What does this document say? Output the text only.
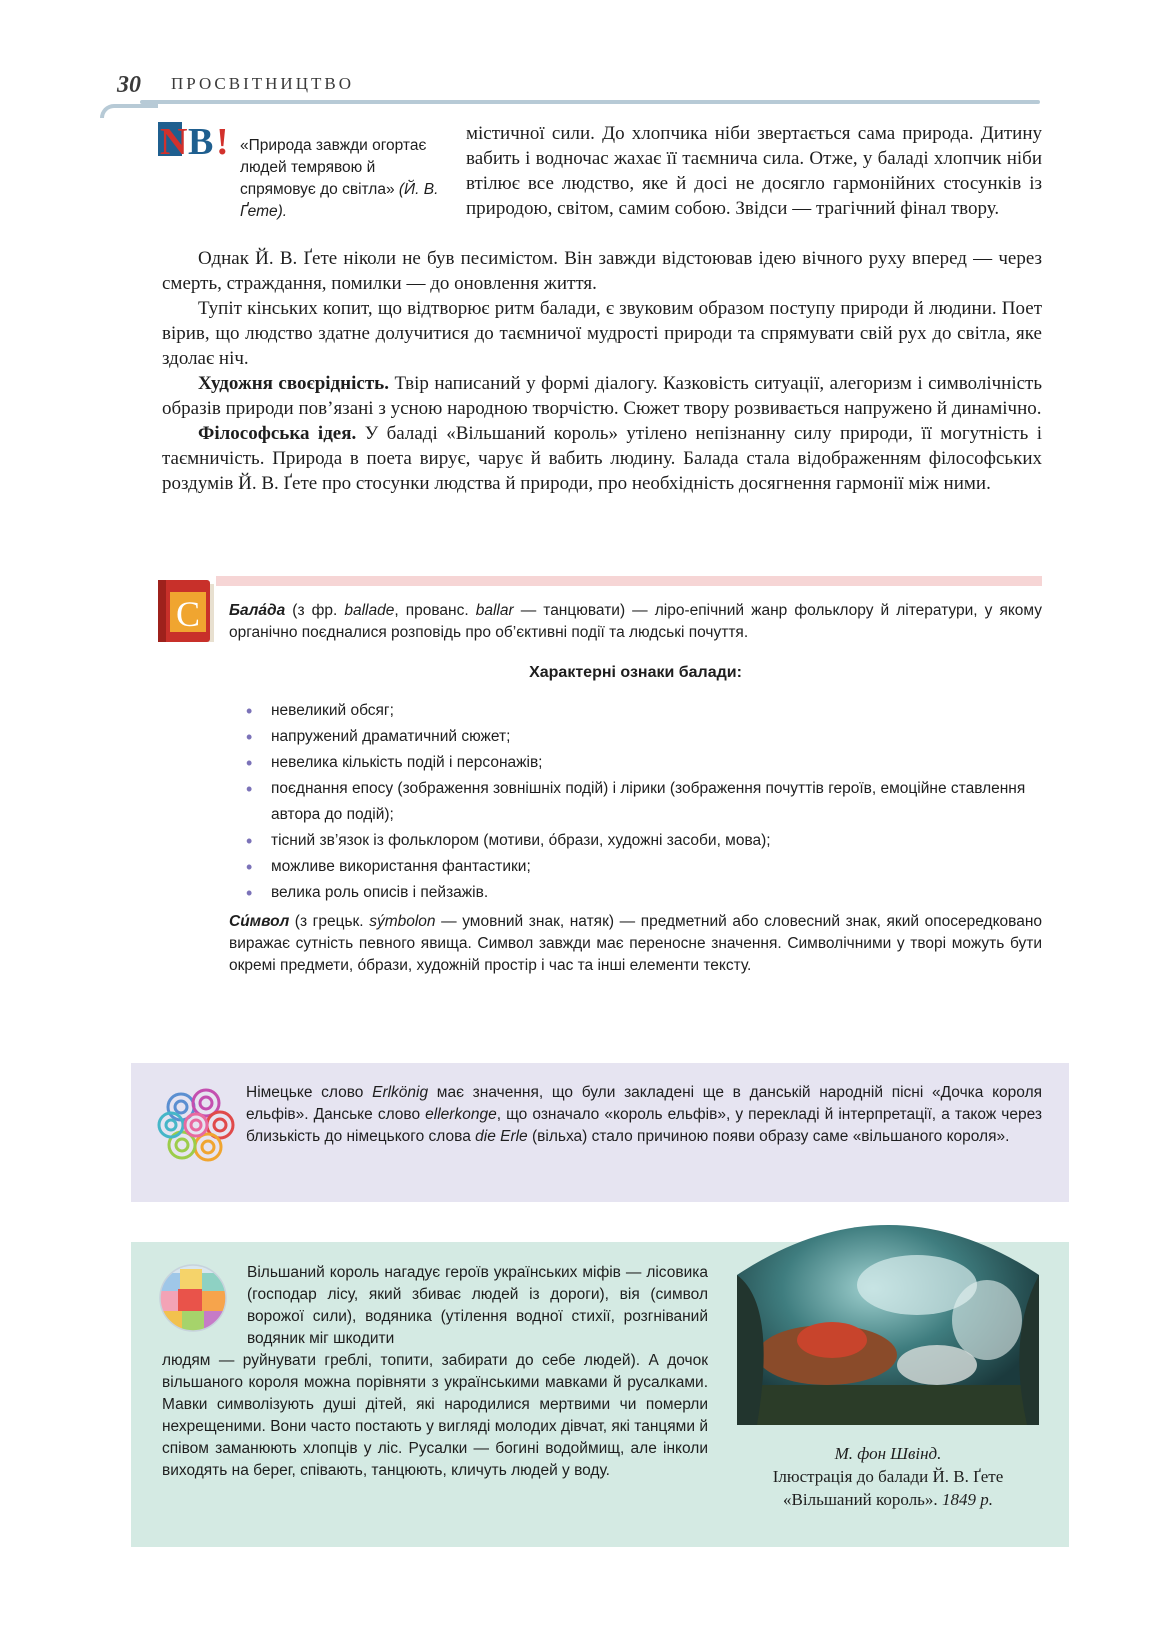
30 ПРОСВІТНИЦТВО
N B ! «Природа завжди огортає людей темрявою й спрямовує до світла» (Й. В. Ґете).

містичної сили. До хлопчика ніби звертається сама природа. Дитину вабить і водночас жахає її таємнича сила. Отже, у баладі хлопчик ніби втілює все людство, яке й досі не досягло гармонійних стосунків із природою, світом, самим собою. Звідси — трагічний фінал твору.

Однак Й. В. Ґете ніколи не був песимістом. Він завжди відстоював ідею вічного руху вперед — через смерть, страждання, помилки — до оновлення життя.

Тупіт кінських копит, що відтворює ритм балади, є звуковим образом поступу природи й людини. Поет вірив, що людство здатне долучитися до таємничої мудрості природи та спрямувати свій рух до світла, яке здолає ніч.

Художня своєрідність. Твір написаний у формі діалогу. Казковість ситуації, алегоризм і символічність образів природи пов’язані з усною народною творчістю. Сюжет твору розвивається напружено й динамічно.

Філософська ідея. У баладі «Вільшаний король» утілено непізнанну силу природи, її могутність і таємничість. Природа в поета вирує, чарує й вабить людину. Балада стала відображенням філософських роздумів Й. В. Ґете про стосунки людства й природи, про необхідність досягнення гармонії між ними.

С Бала́да (з фр. ballade, прованс. ballar — танцювати) — ліро-епічний жанр фольклору й літератури, у якому органічно поєдналися розповідь про об’єктивні події та людські почуття.
Характерні ознаки балади:
• невеликий обсяг;
• напружений драматичний сюжет;
• невелика кількість подій і персонажів;
• поєднання епосу (зображення зовнішніх подій) і лірики (зображення почуттів героїв, емоційне ставлення автора до подій);
• тісний зв’язок із фольклором (мотиви, о́брази, художні засоби, мова);
• можливе використання фантастики;
• велика роль описів і пейзажів.
Си́мвол (з грецьк. sу́mbolon — умовний знак, натяк) — предметний або словесний знак, який опосередковано виражає сутність певного явища. Символ завжди має переносне значення. Символічними у творі можуть бути окремі предмети, о́брази, художній простір і час та інші елементи тексту.
Німецьке слово Erlkönig має значення, що були закладені ще в данській народній пісні «Дочка короля ельфів». Данське слово ellerkonge, що означало «король ельфів», у перекладі й інтерпретації, а також через близькість до німецького слова die Erle (вільха) стало причиною появи образу саме «вільшаного короля».
Вільшаний король нагадує героїв українських міфів — лісовика (господар лісу, який збиває людей із дороги), вія (символ ворожої сили), водяника (утілення водної стихії, розгніваний водяник міг шкодити
людям — руйнувати греблі, топити, забирати до себе людей). А дочок вільшаного короля можна порівняти з українськими мавками й русалками. Мавки символізують душі дітей, які народилися мертвими чи померли нехрещеними. Вони часто постають у вигляді молодих дівчат, які танцями й співом заманюють хлопців у ліс. Русалки — богині водоймищ, але інколи виходять на берег, співають, танцюють, кличуть людей у воду.
М. фон Швінд.
Ілюстрація до балади Й. В. Ґете
«Вільшаний король». 1849 р.
